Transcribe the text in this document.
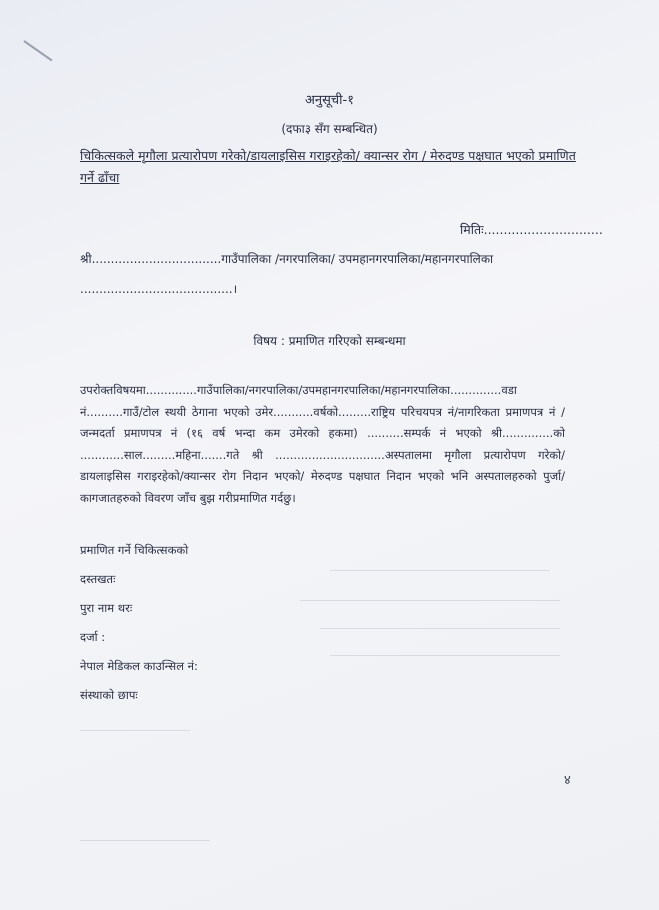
अनुसूची-१
(दफा३ सँग सम्बन्धित)
चिकित्सकले मृगौला प्रत्यारोपण गरेको/डायलाइसिस गराइरहेको/ क्यान्सर रोग / मेरुदण्ड पक्षघात भएको प्रमाणित गर्ने ढाँचा
मितिः..............................
श्री..................................गाउँपालिका /नगरपालिका/ उपमहानगरपालिका/महानगरपालिका
........................................।
विषय : प्रमाणित गरिएको सम्बन्धमा
उपरोक्तविषयमा..............गाउँपालिका/नगरपालिका/उपमहानगरपालिका/महानगरपालिका..............वडा नं..........गाउँ/टोल स्थयी ठेगाना भएको उमेर...........वर्षको.........राष्ट्रिय परिचयपत्र नं/नागरिकता प्रमाणपत्र नं / जन्मदर्ता प्रमाणपत्र नं (१६ वर्ष भन्दा कम उमेरको हकमा) ..........सम्पर्क नं भएको श्री..............को ............साल.........महिना.......गते श्री ..............................अस्पतालमा मृगौला प्रत्यारोपण गरेको/डायलाइसिस गराइरहेको/क्यान्सर रोग निदान भएको/ मेरुदण्ड पक्षघात निदान भएको भनि अस्पतालहरुको पुर्जा/ कागजातहरुको विवरण जाँच बुझ गरीप्रमाणित गर्दछु।
प्रमाणित गर्ने चिकित्सकको
दस्तखतः
पुरा नाम थरः
दर्जा :
नेपाल मेडिकल काउन्सिल नं:
संस्थाको छापः
४
